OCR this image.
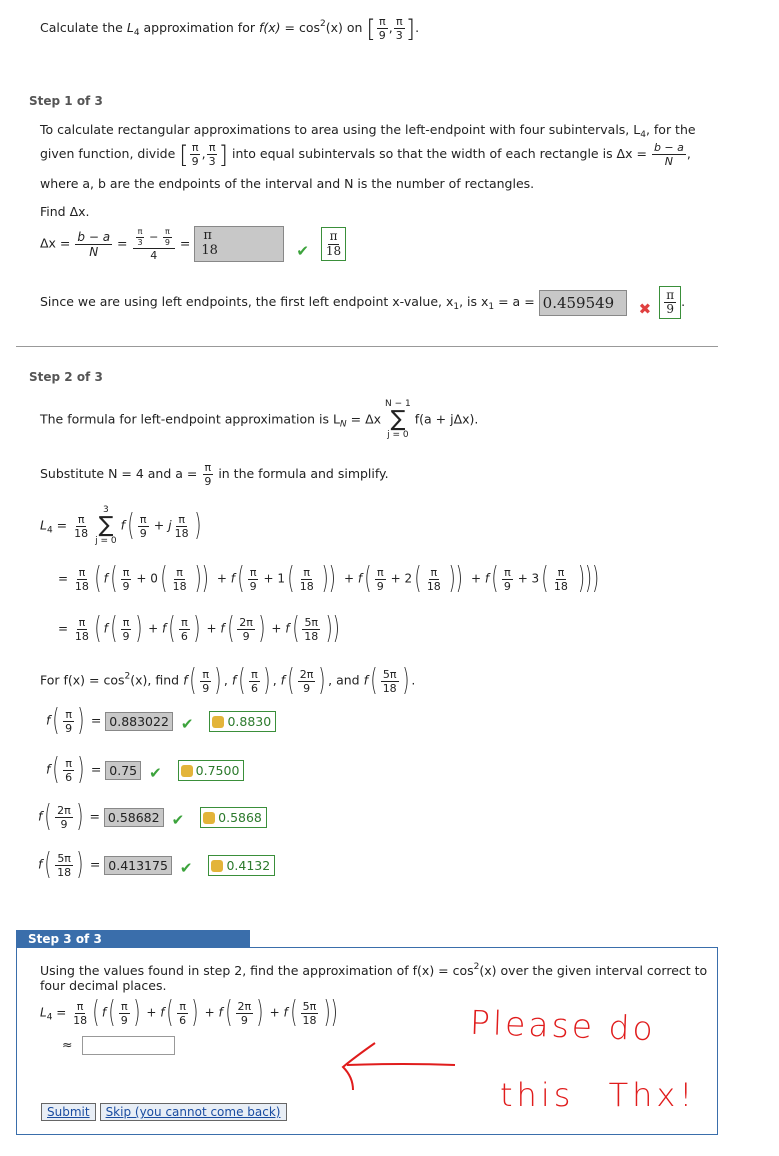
Calculate the $L_4$ approximation for $f(x) = \cos^2(x)$ on [ $\frac{\pi}{9}$ , $\frac{\pi}{3}$ ].
Step 1 of 3
To calculate rectangular approximations to area using the left-endpoint with four subintervals, $L_4$, for the
given function, divide [ $\frac{\pi}{9}$ , $\frac{\pi}{3}$ ] into equal subintervals so that the width of each rectangle is $\Delta x = \frac{b - a}{N}$ ,
where a, b are the endpoints of the interval and N is the number of rectangles.
Find Δx.
$\Delta x = \frac{b - a}{N} = \frac{\frac{\pi}{3} - \frac{\pi}{9}}{4} = \pi$
18	✔ $\frac{\pi}{18}$
Since we are using left endpoints, the first left endpoint x-value, $x_1$, is $x_1 = a = 0.459549$ ✖ $\frac{\pi}{9}$ .
Step 2 of 3
The formula for left-endpoint approximation is $L_N = \Delta x$
N − 1
∑
j = 0
f(a + jΔx).
Substitute N = 4 and $a = \frac{\pi}{9}$ in the formula and simplify.
$L_4 = \frac{\pi}{18}$

3
∑
j = 0
$f( \frac{\pi}{9} + j \frac{\pi}{18}$ )
= $\frac{\pi}{18}$ ( $f( \frac{\pi}{9} + 0( \frac{\pi}{18}$ )) + $f( \frac{\pi}{9} + 1( \frac{\pi}{18}$ )) + $f( \frac{\pi}{9} + 2( \frac{\pi}{18}$ )) + $f( \frac{\pi}{9} + 3( \frac{\pi}{18}$ )))
= $\frac{\pi}{18}$ ( $f( \frac{\pi}{9}$ ) + $f( \frac{\pi}{6}$ ) + $f( \frac{2\pi}{9}$ ) + $f( \frac{5\pi}{18}$ ))
For $f(x) = \cos^2(x)$, find $f( \frac{\pi}{9}$ ) , $f( \frac{\pi}{6}$ ) , $f( \frac{2\pi}{9}$ ) , and $f( \frac{5\pi}{18}$ ) .
$f( \frac{\pi}{9}$ ) = 0.883022 ✔	0.8830
$f( \frac{\pi}{6}$ ) = 0.75 ✔	0.7500
$f( \frac{2\pi}{9}$ ) = 0.58682 ✔	0.5868
$f( \frac{5\pi}{18}$ ) = 0.413175 ✔	0.4132
Step 3 of 3
Using the values found in step 2, find the approximation of $f(x) = \cos^2(x)$ over the given interval correct to
four decimal places.
$L_4 = \frac{\pi}{18}$ ( $f( \frac{\pi}{9}$ ) + $f( \frac{\pi}{6}$ ) + $f( \frac{2\pi}{9}$ ) + $f( \frac{5\pi}{18}$ ))
≈
Submit Skip (you cannot come back)
Please do
this Thx!
